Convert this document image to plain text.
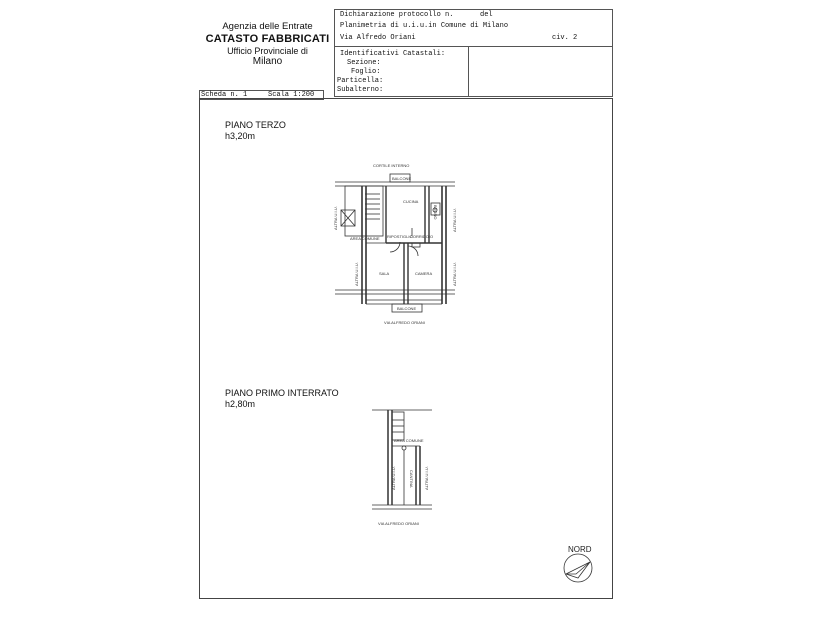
Agenzia delle Entrate
CATASTO FABBRICATI
Ufficio Provinciale di
Milano
Dichiarazione protocollo n.	del
Planimetria di u.i.u.in Comune di Milano
Via Alfredo Oriani	civ. 2
Identificativi Catastali:
Sezione:
Foglio:
Particella:
Subalterno:
Scheda n. 1	Scala 1:200
PIANO TERZO
h3,20m
PIANO PRIMO INTERRATO
h2,80m
CORTILE INTERNO
BALCONE
CUCINA
BAGNO
AREA COMUNE RIPOSTIGLIO
CORRIDOIO
SALA	CAMERA
BALCONE
VIA ALFREDO ORIANI
ALTRA U.I.U.
ALTRA U.I.U.
ALTRA U.I.U.
ALTRA U.I.U.
AREA COMUNE
CANTINA
ALTRA U.I.U.	ALTRA U.I.U.
VIA ALFREDO ORIANI
NORD
